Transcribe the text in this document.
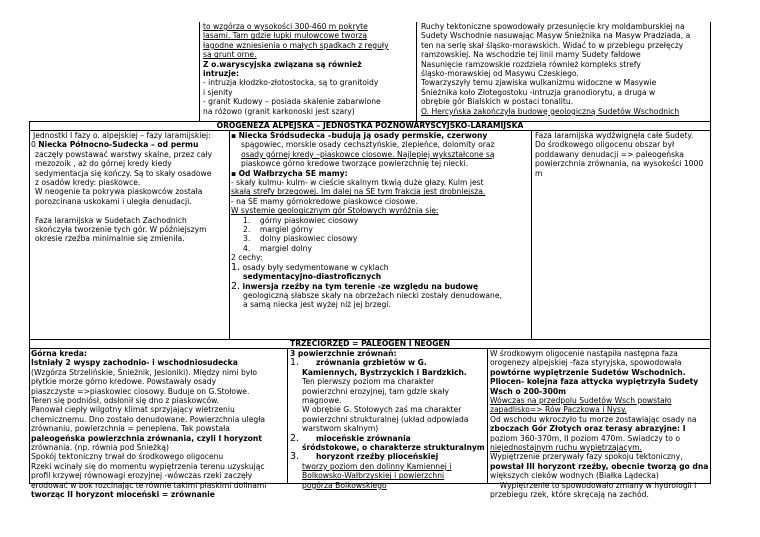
to wzgórza o wysokości 300-460 m pokryte
lasami. Tam gdzie łupki mułowcowe tworzą
łagodne wzniesienia o małych spadkach z reguły
są grunt orne.
Z o.waryscyjska związana są również
intruzje:
- intruzja kłodzko-złotostocka, są to granitoidy
i sjenity
- granit Kudowy – posiada skalenie zabarwione
na różowo (granit karkonoski jest szary)
Ruchy tektoniczne spowodowały przesunięcie kry moldamburskiej na
Sudety Wschodnie nasuwając Masyw Śnieżnika na Masyw Pradziada, a
ten na serię skał śląsko-morawskich. Widać to w przebiegu przełęczy
ramzowskiej. Na wschodzie tej linii mamy Sudety fałdowe
Nasunięcie ramzowskie rozdziela również kompleks strefy
śląsko-morawskiej od Masywu Czeskiego.
Towarzyszyły temu zjawiska wulkanizmu widoczne w Masywie
Śnieżnika koło Złotegostoku -intruzja granodiorytu, a druga w
obrębie gór Bialskich w postaci tonalitu.
O. Hercyńska zakończyła budowę geologiczną Sudetów Wschodnich
OROGENEZA ALPEJSKA – JEDNOSTKA POZNOWARYSCYJSKO-LARAMIJSKA
Jednostki I fazy o. alpejskiej – fazy laramijskiej:
0 Niecka Północno-Sudecka – od permu
zaczęły powstawać warstwy skalne, przez cały
mezozoik , aż do górnej kredy kiedy
sedymentacja się kończy. Są to skały osadowe
z osadów kredy: piaskowce.
W neogenie ta pokrywa piaskowców została
porozcinana uskokami i uległa denudacji.

Faza laramijska w Sudetach Zachodnich
skończyła tworzenie tych gór. W późniejszym
okresie rzeźba minimalnie się zmieniła.
▪ Niecka Śródsudecka –budują ją osady permskie, czerwony
spągowiec, morskie osady cechsztyńskie, zlepieńce, dolomity oraz
osady górnej kredy –piaskowce ciosowe. Najlepiej wykształcone są
piaskowce górno kredowe tworzące powierzchnię tej niecki.
▪ Od Wałbrzycha SE mamy:
- skały kulmu- kulm- w cieście skalnym tkwią duże głazy. Kulm jest
skałą strefy brzegowej. Im dalej na SE tym frakcja jest drobniejsza.
- na SE mamy górnokredowe piaskowce ciosowe.
W systemie geologicznym gór Stołowych wyróżnia się:
1.    górny piaskowiec ciosowy
2.    margiel górny
3.    dolny piaskowiec ciosowy
4.    margiel dolny
2 cechy:
1. osady były sedymentowane w cyklach
sedymentacyjno-diastroficznych
2. inwersja rzeźby na tym terenie -ze względu na budowę
geologiczną słabsze skały na obrzeżach niecki zostały denudowane,
a samą niecka jest wyżej niż jej brzegi.
Faza laramijska wydźwignęła całe Sudety.
Do środkowego oligocenu obszar był
poddawany denudacji => paleogeńska
powierzchnia zrównania, na wysokości 1000
m
TRZECIORZĘD = PALEOGEN I NEOGEN
Górna kreda:
Istniały 2 wyspy zachodnio- i wschodniosudecka
(Wzgórza Strzelińskie, Śnieżnik, Jesioniki). Między nimi było
płytkie morze górno kredowe. Powstawały osady
piaszczyste =>piaskowiec ciosowy. Buduje on G.Stołowe.
Teren się podniósł, odsłonił się dno z piaskowców.
Panował ciepły wilgotny klimat sprzyjający wietrzeniu
chemicznemu. Dno zostało denudowane. Powierzchnia uległa
zrównaniu, powierzchnia = peneplena. Tak powstała
paleogeńska powierzchnia zrównania, czyli I horyzont
zrównania. (np. równia pod Śnieżką)
Spokój tektoniczny trwał do środkowego oligocenu
Rzeki wcinały się do momentu wypiętrzenia terenu uzyskując
profil krzywej równowagi erozyjnej -wówczas rzeki zaczęły
erodować w bok rozcinając te równie takimi płaskimi dolinami
tworząc II horyzont mioceński = zrównanie
3 powierzchnie zrównań:
1. zrównania grzbietów w G.
Kamiennych, Bystrzyckich i Bardzkich.
Ten pierwszy poziom ma charakter
powierzchni erozyjnej, tam gdzie skały
magnowe.
W obrębie G. Stołowych zaś ma charakter
powierzchni strukturalnej (układ odpowiada
warstwom skalnym)
2. mioceńskie zrównania
śródstokowe, o charakterze strukturalnym
3. horyzont rzeźby plioceńskiej
tworzy poziom den dolinny Kamiennej i
Bolkowsko-Wałbrzyskiej i powierzchni
pogórza Bolkowskiego
W środkowym oligocenie nastąpiła następna faza
orogenezy alpejskiej -faza styryjska, spowodowała
powtórne wypiętrzenie Sudetów Wschodnich.
Pliocen- kolejna faza attycka wypiętrzyła Sudety
Wsch o 200-300m
Wówczas na przedpolu Sudetów Wsch powstało
zapadlisko=> Rów Paczkowa i Nysy.
Od wschodu wkroczyło tu morze zostawiając osady na
zboczach Gór Złotych oraz terasy abrazyjne: I
poziom 360-370m, II poziom 470m. Swiadczy to o
niejednostajnym ruchu wypiętrzającym.
Wypiętrzenie przerywały fazy spokoju tektoniczny,
powstał III horyzont rzeźby, obecnie tworzą go dna
większych cieków wodnych (Białka Lądecka)
Wypiętrzenie to spowodowało zmiany w hydrologii i
przebiegu rzek, które skręcają na zachód.
